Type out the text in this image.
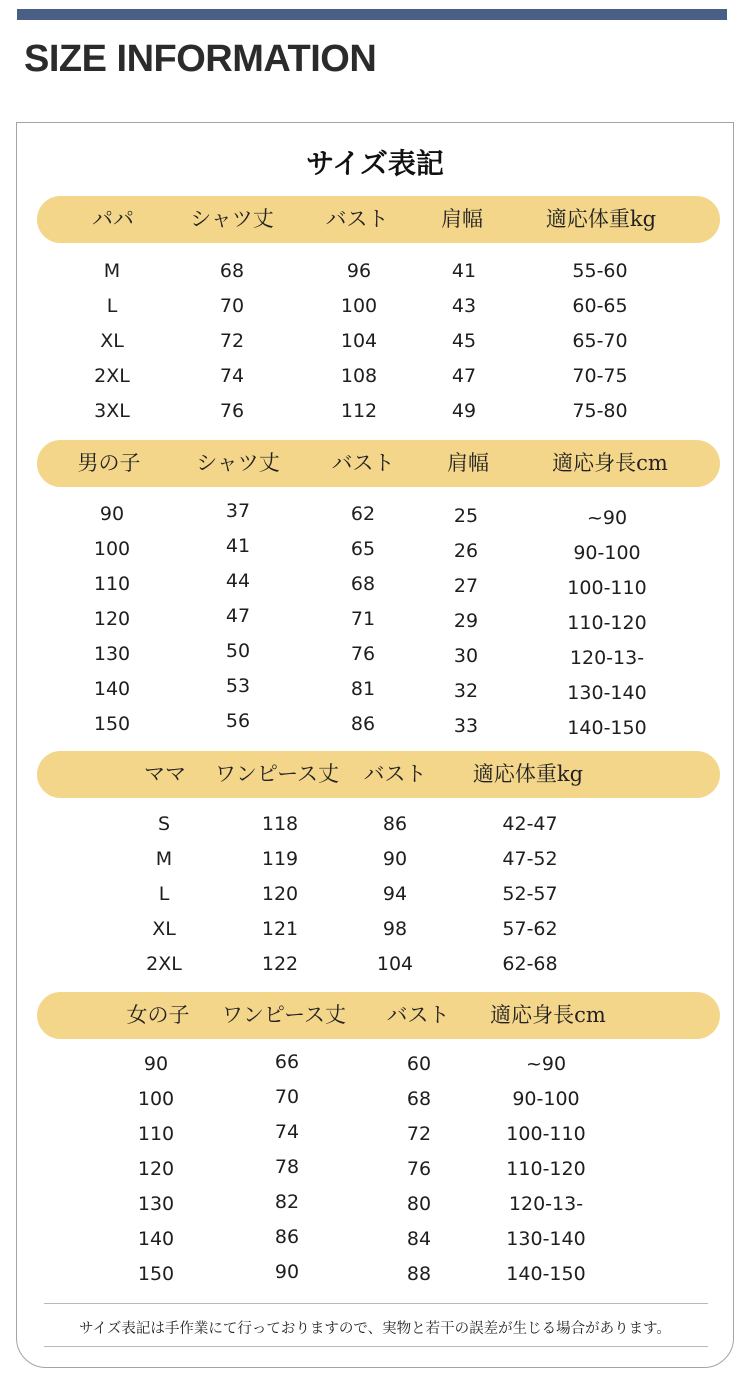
SIZE INFORMATION
サイズ表記
パパ	シャツ丈 バスト	肩幅	適応体重kg
M	68	96	41	55-60
L	70	100	43	60-65
XL	72	104	45	65-70
2XL	74	108	47	70-75
3XL	76	112	49	75-80
男の子	シャツ丈 バスト	肩幅	適応身長cm
90	37	62	25	~90
100	41	65	26	90-100
110	44	68	27	100-110
120	47	71	29	110-120
130	50	76	30	120-13-
140	53	81	32	130-140
150	56	86	33	140-150
ママ ワンピース丈 バスト 適応体重kg
S	118	86	42-47
M	119	90	47-52
L	120	94	52-57
XL	121	98	57-62
2XL	122	104	62-68
女の子 ワンピース丈 バスト 適応身長cm
90	66	60	~90
100	70	68	90-100
110	74	72	100-110
120	78	76	110-120
130	82	80	120-13-
140	86	84	130-140
150	90	88	140-150

サイズ表記は手作業にて行っておりますので、実物と若干の誤差が生じる場合があります。
